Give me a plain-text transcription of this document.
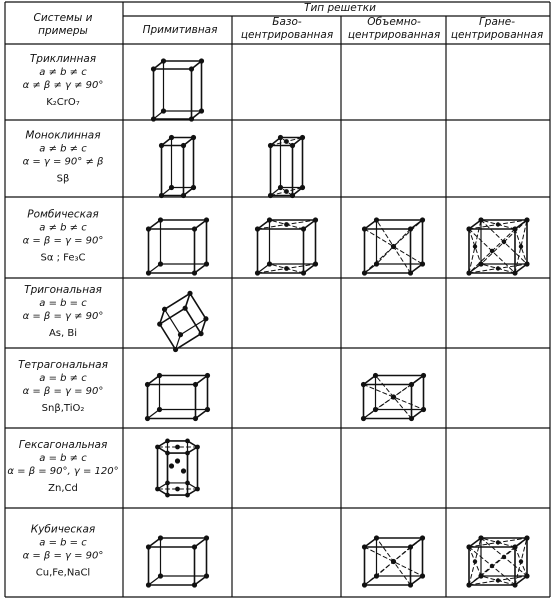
Системы и
примеры
Тип решетки
Примитивная
Базо-
центрированная
Объемно-
центрированная
Гране-
центрированная
Триклинная
a ≠ b ≠ c
α ≠ β ≠ γ ≠ 90°
K₂CrO₇
Моноклинная
a ≠ b ≠ c
α = γ = 90° ≠ β
Sβ
Ромбическая
a ≠ b ≠ c
α = β = γ = 90°
Sα ; Fe₃C
Тригональная
a = b = c
α = β = γ ≠ 90°
As, Bi
Тетрагональная
a = b ≠ c
α = β = γ = 90°
Snβ,TiO₂
Гексагональная
a = b ≠ c
α = β = 90°, γ = 120°
Zn,Cd
Кубическая
a = b = c
α = β = γ = 90°
Cu,Fe,NaCl
